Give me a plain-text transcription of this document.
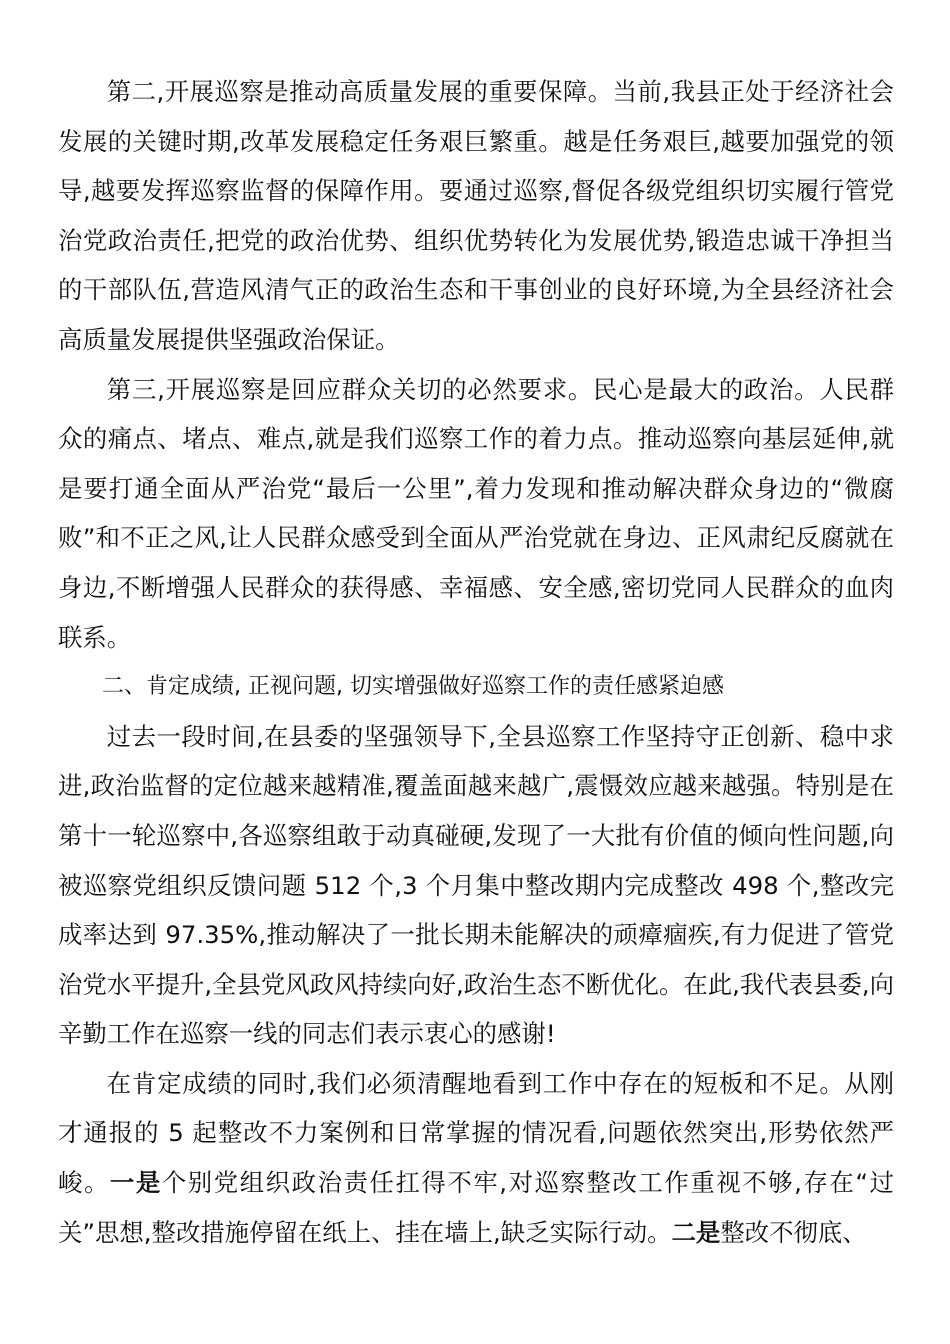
第二,开展巡察是推动高质量发展的重要保障。当前,我县正处于经济社会发展的关键时期,改革发展稳定任务艰巨繁重。越是任务艰巨,越要加强党的领导,越要发挥巡察监督的保障作用。要通过巡察,督促各级党组织切实履行管党治党政治责任,把党的政治优势、组织优势转化为发展优势,锻造忠诚干净担当的干部队伍,营造风清气正的政治生态和干事创业的良好环境,为全县经济社会高质量发展提供坚强政治保证。

第三,开展巡察是回应群众关切的必然要求。民心是最大的政治。人民群众的痛点、堵点、难点,就是我们巡察工作的着力点。推动巡察向基层延伸,就是要打通全面从严治党“最后一公里”,着力发现和推动解决群众身边的“微腐败”和不正之风,让人民群众感受到全面从严治党就在身边、正风肃纪反腐就在身边,不断增强人民群众的获得感、幸福感、安全感,密切党同人民群众的血肉联系。

二、肯定成绩, 正视问题, 切实增强做好巡察工作的责任感紧迫感

过去一段时间,在县委的坚强领导下,全县巡察工作坚持守正创新、稳中求进,政治监督的定位越来越精准,覆盖面越来越广,震慑效应越来越强。特别是在第十一轮巡察中,各巡察组敢于动真碰硬,发现了一大批有价值的倾向性问题,向被巡察党组织反馈问题 512 个,3 个月集中整改期内完成整改 498 个,整改完成率达到 97.35%,推动解决了一批长期未能解决的顽瘴痼疾,有力促进了管党治党水平提升,全县党风政风持续向好,政治生态不断优化。在此,我代表县委,向辛勤工作在巡察一线的同志们表示衷心的感谢!

在肯定成绩的同时,我们必须清醒地看到工作中存在的短板和不足。从刚才通报的 5 起整改不力案例和日常掌握的情况看,问题依然突出,形势依然严峻。一是个别党组织政治责任扛得不牢,对巡察整改工作重视不够,存在“过关”思想,整改措施停留在纸上、挂在墙上,缺乏实际行动。二是整改不彻底、
